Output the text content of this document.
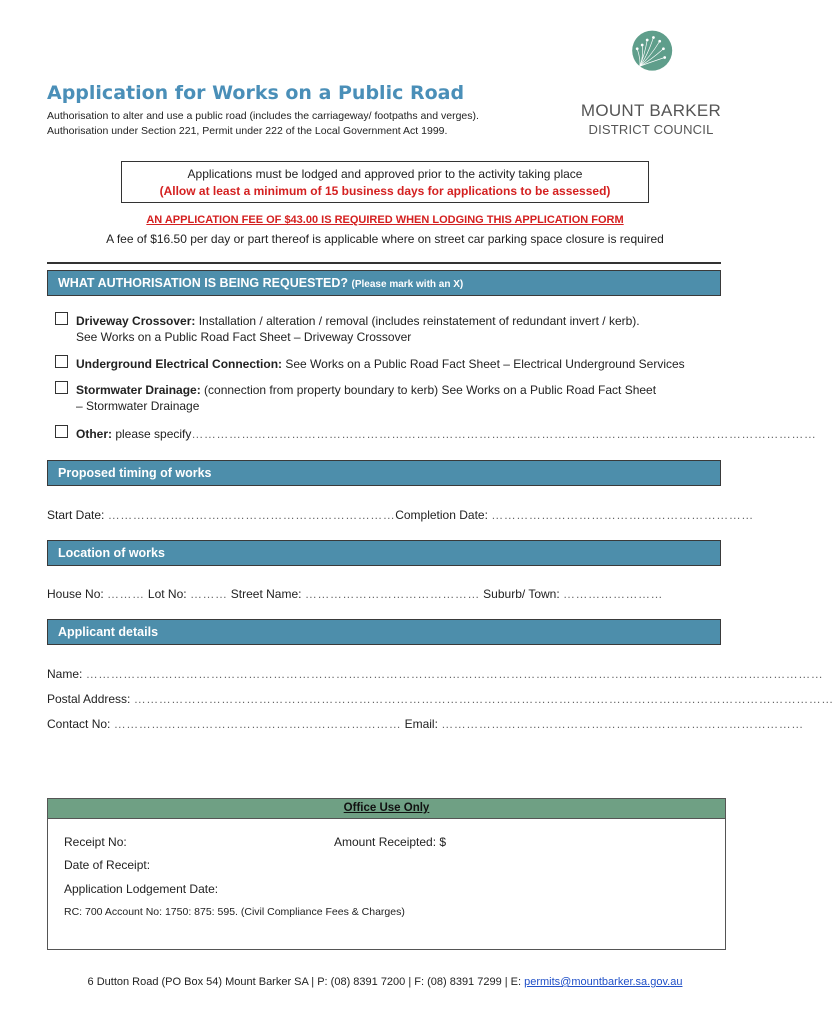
Application for Works on a Public Road
Authorisation to alter and use a public road (includes the carriageway/ footpaths and verges).
Authorisation under Section 221, Permit under 222 of the Local Government Act 1999.
MOUNT BARKER
DISTRICT COUNCIL
Applications must be lodged and approved prior to the activity taking place
(Allow at least a minimum of 15 business days for applications to be assessed)
AN APPLICATION FEE OF $43.00 IS REQUIRED WHEN LODGING THIS APPLICATION FORM
A fee of $16.50 per day or part thereof is applicable where on street car parking space closure is required
WHAT AUTHORISATION IS BEING REQUESTED? (Please mark with an X)
Driveway Crossover: Installation / alteration / removal (includes reinstatement of redundant invert / kerb).
See Works on a Public Road Fact Sheet – Driveway Crossover
Underground Electrical Connection: See Works on a Public Road Fact Sheet – Electrical Underground Services
Stormwater Drainage: (connection from property boundary to kerb) See Works on a Public Road Fact Sheet
– Stormwater Drainage
Other: please specify……………………………………………………………………………………………………………………………………
Proposed timing of works
Start Date: ……………………………………………………………Completion Date: ………………………………………………………
Location of works
House No: ……… Lot No: ……… Street Name: …………………………………… Suburb/ Town: ……………………
Applicant details
Name: ……………………………………………………………………………………………………………………………………………………………
Postal Address: ……………………………………………………………………………………………………………………………………………………
Contact No: …………………………………………………………… Email: ……………………………………………………………………………
Office Use Only
Receipt No:	Amount Receipted: $
Date of Receipt:
Application Lodgement Date:
RC: 700 Account No: 1750: 875: 595. (Civil Compliance Fees & Charges)
6 Dutton Road (PO Box 54) Mount Barker SA | P: (08) 8391 7200 | F: (08) 8391 7299 | E: permits@mountbarker.sa.gov.au
